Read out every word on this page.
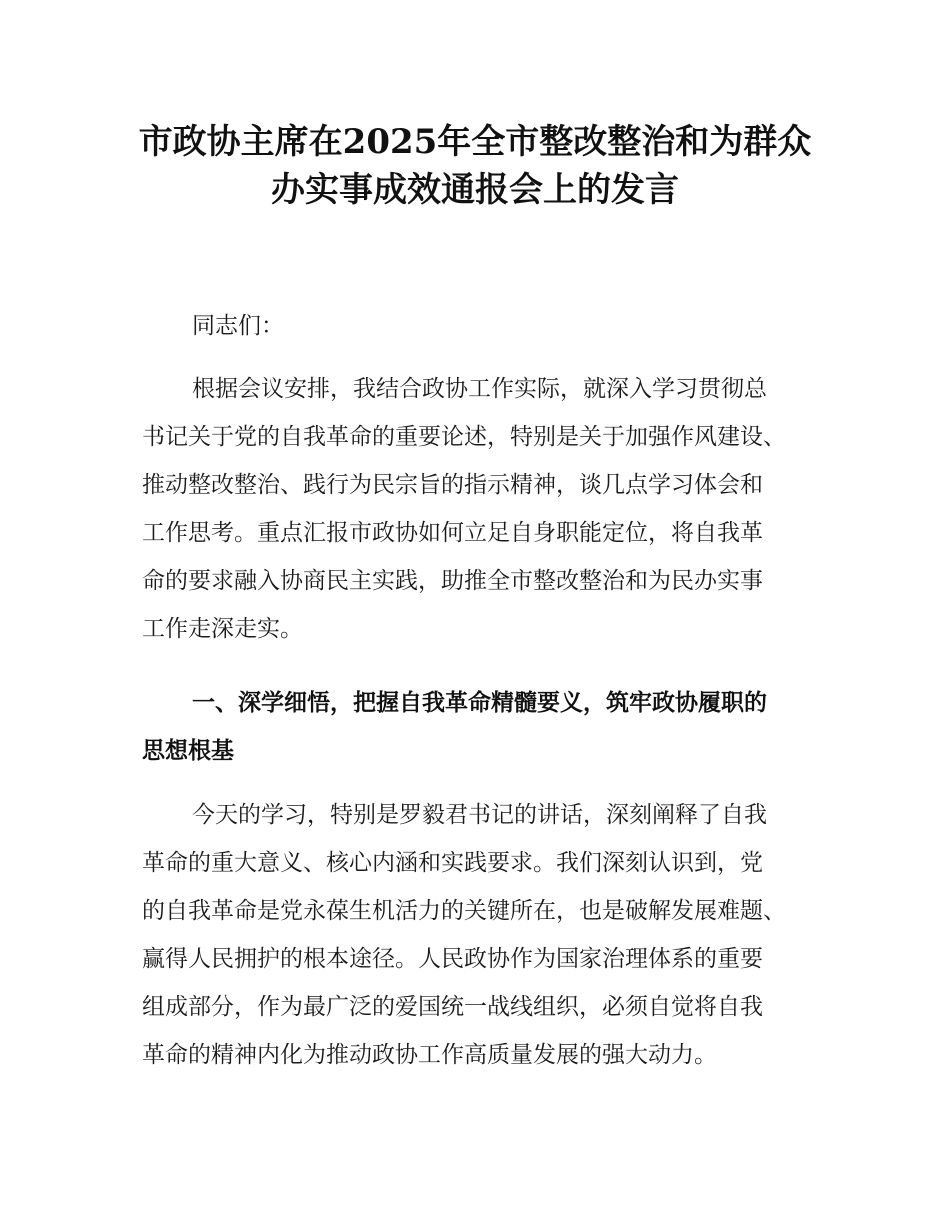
市政协主席在2025年全市整改整治和为群众
办实事成效通报会上的发言

同志们：

根据会议安排，我结合政协工作实际，就深入学习贯彻总
书记关于党的自我革命的重要论述，特别是关于加强作风建设、
推动整改整治、践行为民宗旨的指示精神，谈几点学习体会和
工作思考。重点汇报市政协如何立足自身职能定位，将自我革
命的要求融入协商民主实践，助推全市整改整治和为民办实事
工作走深走实。
一、深学细悟，把握自我革命精髓要义，筑牢政协履职的
思想根基
今天的学习，特别是罗毅君书记的讲话，深刻阐释了自我
革命的重大意义、核心内涵和实践要求。我们深刻认识到，党
的自我革命是党永葆生机活力的关键所在，也是破解发展难题、
赢得人民拥护的根本途径。人民政协作为国家治理体系的重要
组成部分，作为最广泛的爱国统一战线组织，必须自觉将自我
革命的精神内化为推动政协工作高质量发展的强大动力。
